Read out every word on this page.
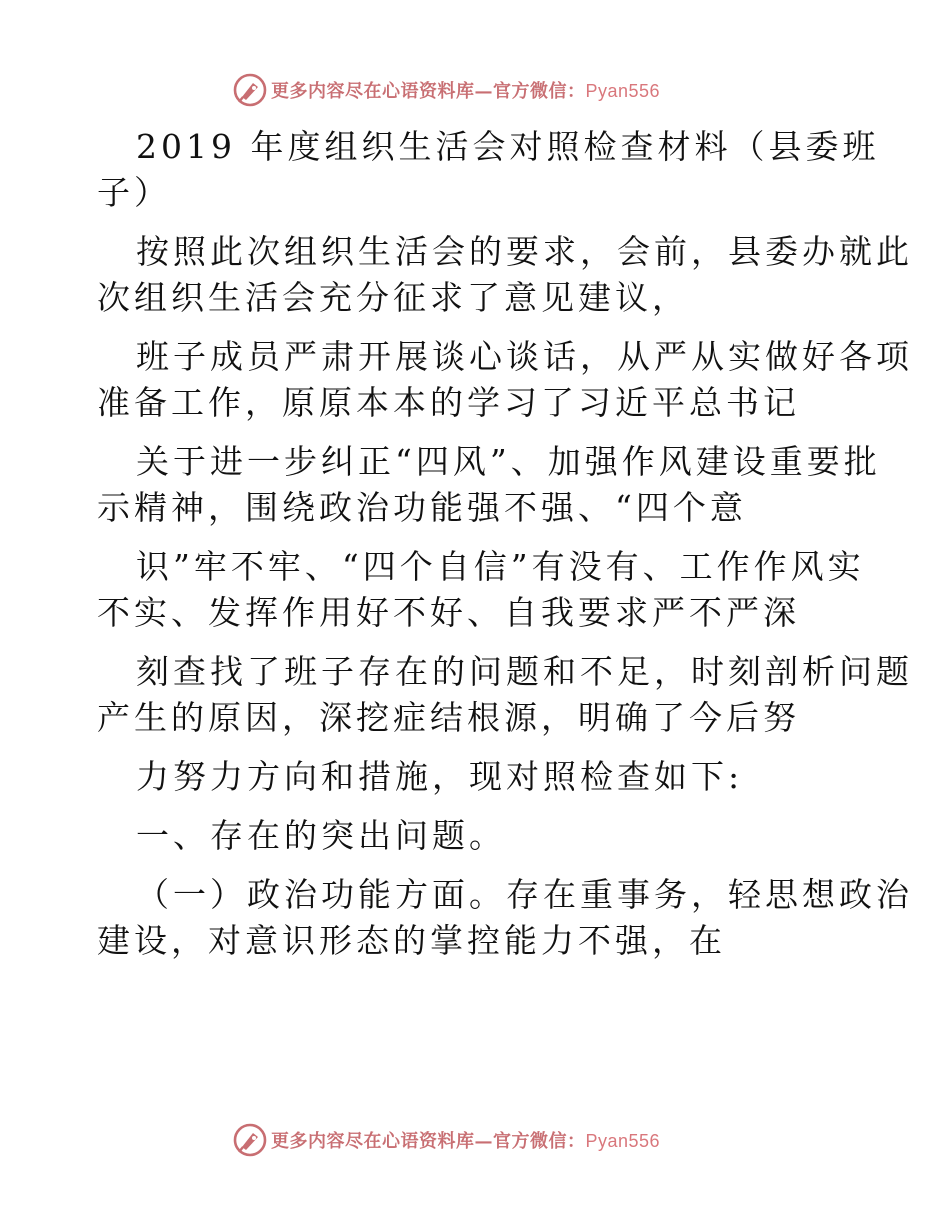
更多内容尽在心语资料库—官方微信：Pyan556
2019 年度组织生活会对照检查材料（县委班
子）
按照此次组织生活会的要求，会前，县委办就此
次组织生活会充分征求了意见建议，
班子成员严肃开展谈心谈话，从严从实做好各项
准备工作，原原本本的学习了习近平总书记
关于进一步纠正“四风”、加强作风建设重要批
示精神，围绕政治功能强不强、“四个意
识”牢不牢、“四个自信”有没有、工作作风实
不实、发挥作用好不好、自我要求严不严深
刻查找了班子存在的问题和不足，时刻剖析问题
产生的原因，深挖症结根源，明确了今后努
力努力方向和措施，现对照检查如下:
一、存在的突出问题。
（一）政治功能方面。存在重事务，轻思想政治
建设，对意识形态的掌控能力不强，在
更多内容尽在心语资料库—官方微信：Pyan556
